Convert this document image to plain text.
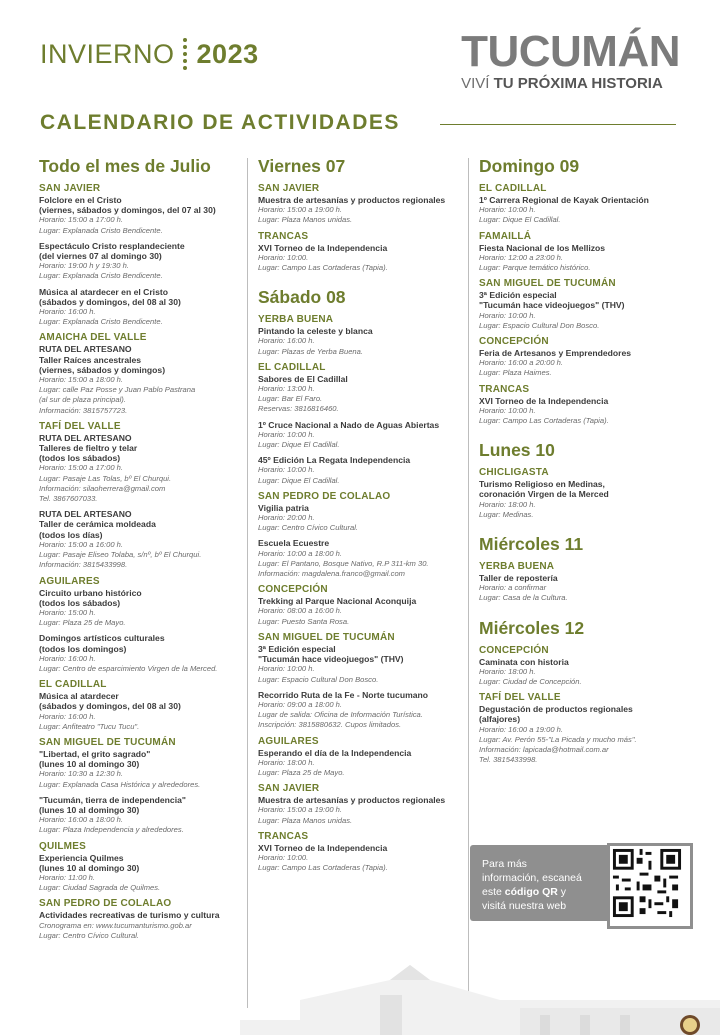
INVIERNO 2023	TUCUMÁN
VIVÍ TU PRÓXIMA HISTORIA
CALENDARIO DE ACTIVIDADES
Todo el mes de Julio
SAN JAVIER
Folclore en el Cristo
(viernes, sábados y domingos, del 07 al 30)
Horario: 15:00 a 17:00 h.
Lugar: Explanada Cristo Bendicente.
Espectáculo Cristo resplandeciente
(del viernes 07 al domingo 30)
Horario: 19:00 h y 19:30 h.
Lugar: Explanada Cristo Bendicente.
Música al atardecer en el Cristo
(sábados y domingos, del 08 al 30)
Horario: 16:00 h.
Lugar: Explanada Cristo Bendicente.
AMAICHA DEL VALLE
RUTA DEL ARTESANO
Taller Raíces ancestrales
(viernes, sábados y domingos)
Horario: 15:00 a 18:00 h.
Lugar: calle Paz Posse y Juan Pablo Pastrana
(al sur de plaza principal).
Información: 3815757723.
TAFÍ DEL VALLE
RUTA DEL ARTESANO
Talleres de fieltro y telar
(todos los sábados)
Horario: 15:00 a 17:00 h.
Lugar: Pasaje Las Tolas, bº El Churqui.
Información: silaoherrera@gmail.com
Tel. 3867607033.
RUTA DEL ARTESANO
Taller de cerámica moldeada
(todos los días)
Horario: 15:00 a 16:00 h.
Lugar: Pasaje Eliseo Tolaba, s/nº, bº El Churqui.
Información: 3815433998.
AGUILARES
Circuito urbano histórico
(todos los sábados)
Horario: 15:00 h.
Lugar: Plaza 25 de Mayo.
Domingos artísticos culturales
(todos los domingos)
Horario: 16:00 h.
Lugar: Centro de esparcimiento Virgen de la Merced.
EL CADILLAL
Música al atardecer
(sábados y domingos, del 08 al 30)
Horario: 16:00 h.
Lugar: Anfiteatro "Tucu Tucu".
SAN MIGUEL DE TUCUMÁN
"Libertad, el grito sagrado"
(lunes 10 al domingo 30)
Horario: 10:30 a 12:30 h.
Lugar: Explanada Casa Histórica y alrededores.
"Tucumán, tierra de independencia"
(lunes 10 al domingo 30)
Horario: 16:00 a 18:00 h.
Lugar: Plaza Independencia y alrededores.
QUILMES
Experiencia Quilmes
(lunes 10 al domingo 30)
Horario: 11:00 h.
Lugar: Ciudad Sagrada de Quilmes.
SAN PEDRO DE COLALAO
Actividades recreativas de turismo y cultura
Cronograma en: www.tucumanturismo.gob.ar
Lugar: Centro Cívico Cultural.
Viernes 07
SAN JAVIER
Muestra de artesanías y productos regionales
Horario: 15:00 a 19:00 h.
Lugar: Plaza Manos unidas.
TRANCAS
XVI Torneo de la Independencia
Horario: 10:00.
Lugar: Campo Las Cortaderas (Tapia).
Sábado 08
YERBA BUENA
Pintando la celeste y blanca
Horario: 16:00 h.
Lugar: Plazas de Yerba Buena.
EL CADILLAL
Sabores de El Cadillal
Horario: 13:00 h.
Lugar: Bar El Faro.
Reservas: 3816816460.
1º Cruce Nacional a Nado de Aguas Abiertas
Horario: 10:00 h.
Lugar: Dique El Cadillal.
45º Edición La Regata Independencia
Horario: 10:00 h.
Lugar: Dique El Cadillal.
SAN PEDRO DE COLALAO
Vigilia patria
Horario: 20:00 h.
Lugar: Centro Cívico Cultural.
Escuela Ecuestre
Horario: 10:00 a 18:00 h.
Lugar: El Pantano, Bosque Nativo, R.P 311-km 30.
Información: magdalena.franco@gmail.com
CONCEPCIÓN
Trekking al Parque Nacional Aconquija
Horario: 08:00 a 16:00 h.
Lugar: Puesto Santa Rosa.
SAN MIGUEL DE TUCUMÁN
3ª Edición especial
"Tucumán hace videojuegos" (THV)
Horario: 10:00 h.
Lugar: Espacio Cultural Don Bosco.
Recorrido Ruta de la Fe - Norte tucumano
Horario: 09:00 a 18:00 h.
Lugar de salida: Oficina de Información Turística.
Inscripción: 3815880632. Cupos limitados.
AGUILARES
Esperando el día de la Independencia
Horario: 18:00 h.
Lugar: Plaza 25 de Mayo.
SAN JAVIER
Muestra de artesanías y productos regionales
Horario: 15:00 a 19:00 h.
Lugar: Plaza Manos unidas.
TRANCAS
XVI Torneo de la Independencia
Horario: 10:00.
Lugar: Campo Las Cortaderas (Tapia).
Domingo 09
EL CADILLAL
1º Carrera Regional de Kayak Orientación
Horario: 10:00 h.
Lugar: Dique El Cadillal.
FAMAILLÁ
Fiesta Nacional de los Mellizos
Horario: 12:00 a 23:00 h.
Lugar: Parque temático histórico.
SAN MIGUEL DE TUCUMÁN
3ª Edición especial
"Tucumán hace videojuegos" (THV)
Horario: 10:00 h.
Lugar: Espacio Cultural Don Bosco.
CONCEPCIÓN
Feria de Artesanos y Emprendedores
Horario: 16:00 a 20:00 h.
Lugar: Plaza Haimes.
TRANCAS
XVI Torneo de la Independencia
Horario: 10:00 h.
Lugar: Campo Las Cortaderas (Tapia).
Lunes 10
CHICLIGASTA
Turismo Religioso en Medinas,
coronación Virgen de la Merced
Horario: 18:00 h.
Lugar: Medinas.
Miércoles 11
YERBA BUENA
Taller de repostería
Horario: a confirmar
Lugar: Casa de la Cultura.
Miércoles 12
CONCEPCIÓN
Caminata con historia
Horario: 18:00 h.
Lugar: Ciudad de Concepción.
TAFÍ DEL VALLE
Degustación de productos regionales
(alfajores)
Horario: 16:00 a 19:00 h.
Lugar: Av. Perón 55-"La Picada y mucho más".
Información: lapicada@hotmail.com.ar
Tel. 3815433998.
Para más
información, escaneá
este código QR y
visitá nuestra web
